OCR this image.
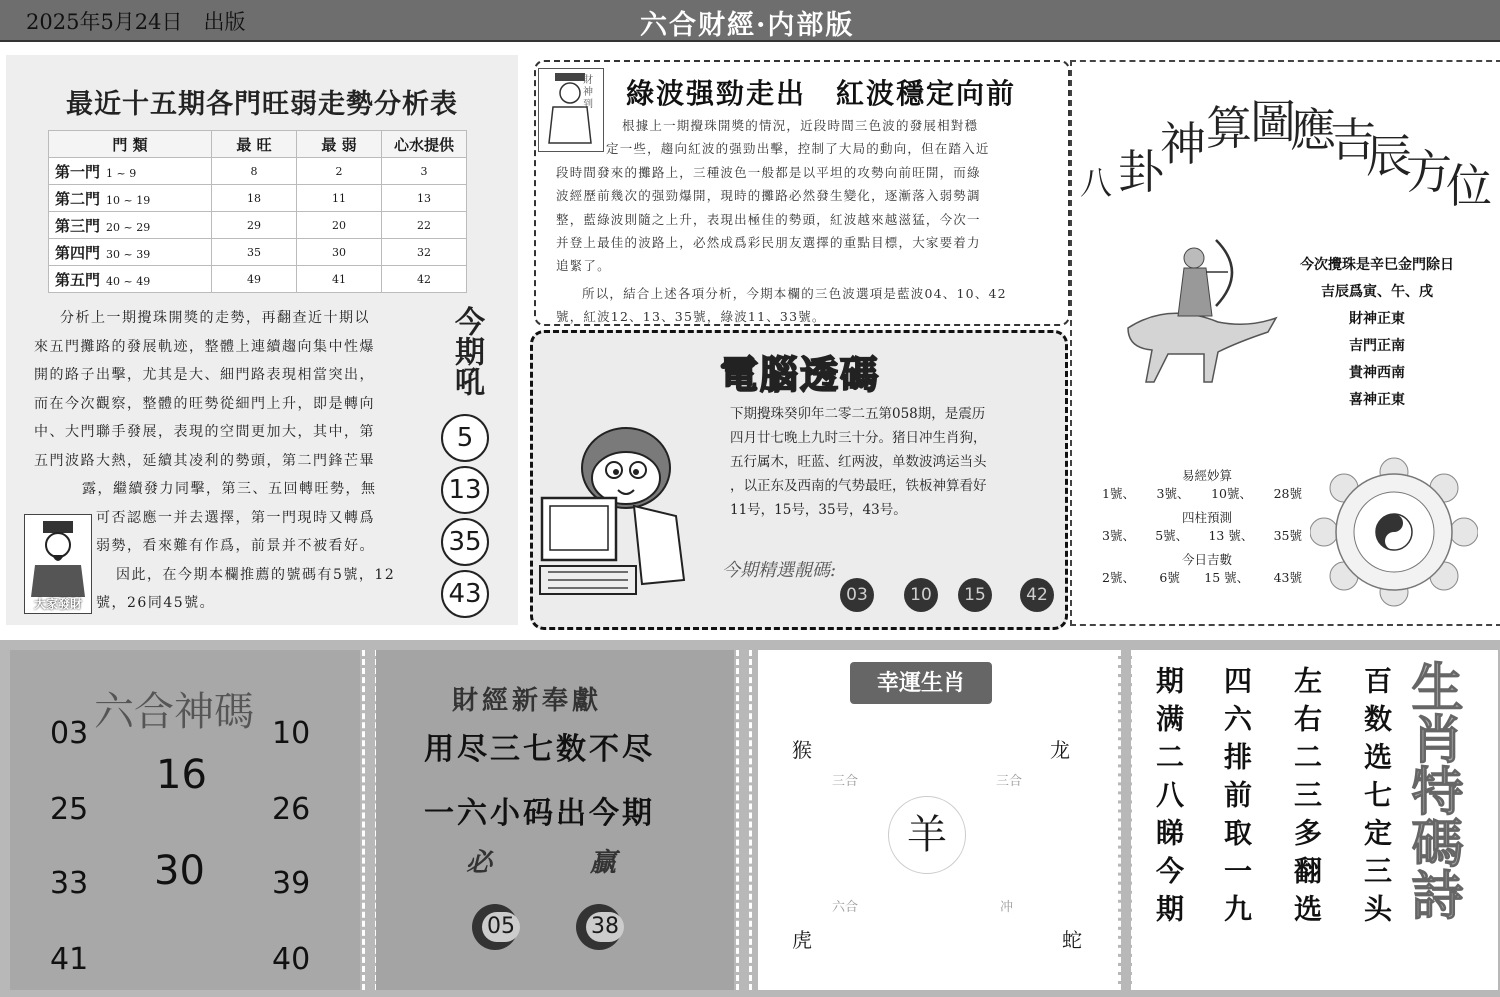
2025年5月24日　出版	六合财經·内部版
最近十五期各門旺弱走勢分析表
門 類	最 旺	最 弱	心水提供
第一門 1 ~ 9	8	2	3
第二門 10 ~ 19	18	11	13
第三門 20 ~ 29	29	20	22
第四門 30 ~ 39	35	30	32
第五門 40 ~ 49	49	41	42
分析上一期攪珠開獎的走勢，再翻查近十期以
來五門攤路的發展軌迹，整體上連續趨向集中性爆
開的路子出擊，尤其是大、細門路表現相當突出，
而在今次觀察，整體的旺勢從細門上升，即是轉向
中、大門聯手發展，表現的空間更加大，其中，第
五門波路大熱，延續其凌利的勢頭，第二門鋒芒畢
露，繼續發力同擊，第三、五回轉旺勢，無
可否認應一并去選擇，第一門現時又轉爲
弱勢，看來難有作爲，前景并不被看好。
因此，在今期本欄推薦的號碼有5號，12
號，26同45號。
大家發財
今期吼
5
13
35
43
財神到 綠波强勁走出　紅波穩定向前
根據上一期攪珠開獎的情況，近段時間三色波的發展相對穩
定一些，趨向紅波的强勁出擊，控制了大局的動向，但在踏入近
段時間發來的攤路上，三種波色一般都是以平坦的攻勢向前旺開，而綠
波經歷前幾次的强勁爆開，現時的攤路必然發生變化，逐漸落入弱勢調
整，藍綠波則隨之上升，表現出極佳的勢頭，紅波越來越滋猛，今次一
并登上最佳的波路上，必然成爲彩民朋友選擇的重點目標，大家要着力
追緊了。
所以，結合上述各項分析，今期本欄的三色波選項是藍波04、10、42
號，紅波12、13、35號，綠波11、33號。
電腦透碼
下期攪珠癸卯年二零二五第058期，是震历
四月廿七晚上九时三十分。猪日冲生肖狗，
五行属木，旺蓝、红两波，单数波鸿运当头
，以正东及西南的气势最旺，铁板神算看好
11号，15号，35号，43号。
今期精選靚碼:
03	10	15	42
八 卦
神 算
圖
應
吉
辰
方
位
今次攪珠是辛巳金門除日
吉辰爲寅、午、戌
財神正東
吉門正南
貴神西南
喜神正東
易經妙算
1號、 3號、 10號、 28號
四柱預測
3號、 5號、 13 號、 35號
今日吉數
2號、 6號 15 號、 43號
六合神碼
03
25
33
41
16
30
10
26
39
40
財經新奉獻
用尽三七数不尽
一六小码出今期
必	贏
05	38
幸運生肖
猴	龙
三合	三合
羊
六合	冲
虎	蛇
百数选七定三头
左右二三多翻选
四六排前取一九
期满二八睇今期	生肖特碼詩
